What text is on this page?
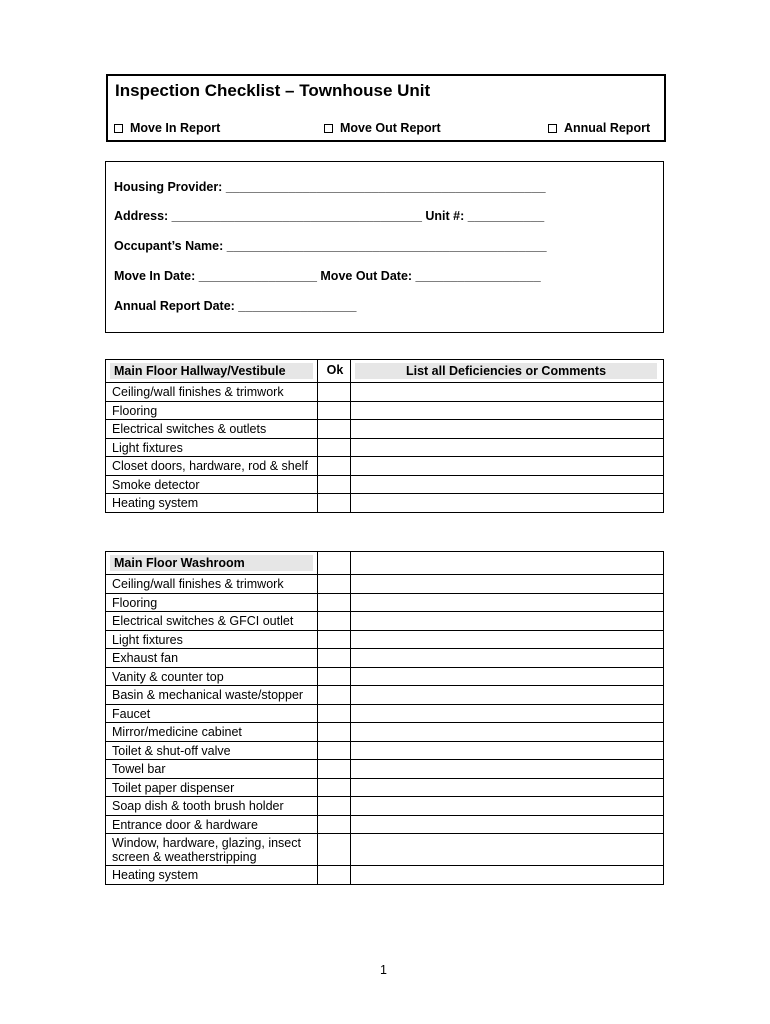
Inspection Checklist – Townhouse Unit
Move In Report	Move Out Report	Annual Report
Housing Provider: ______________________________________________
Address: ____________________________________ Unit #: ___________
Occupant’s Name: ______________________________________________
Move In Date: _________________ Move Out Date: __________________
Annual Report Date: _________________
Main Floor Hallway/Vestibule	Ok	List all Deficiencies or Comments

Ceiling/wall finishes & trimwork		
Flooring		
Electrical switches & outlets		
Light fixtures		
Closet doors, hardware, rod & shelf		
Smoke detector		
Heating system		
Main Floor Washroom		

Ceiling/wall finishes & trimwork		
Flooring		
Electrical switches & GFCI outlet		
Light fixtures		
Exhaust fan		
Vanity & counter top		
Basin & mechanical waste/stopper		
Faucet		
Mirror/medicine cabinet		
Toilet & shut-off valve		
Towel bar		
Toilet paper dispenser		
Soap dish & tooth brush holder		
Entrance door & hardware		
Window, hardware, glazing, insect screen & weatherstripping		
Heating system		
1
